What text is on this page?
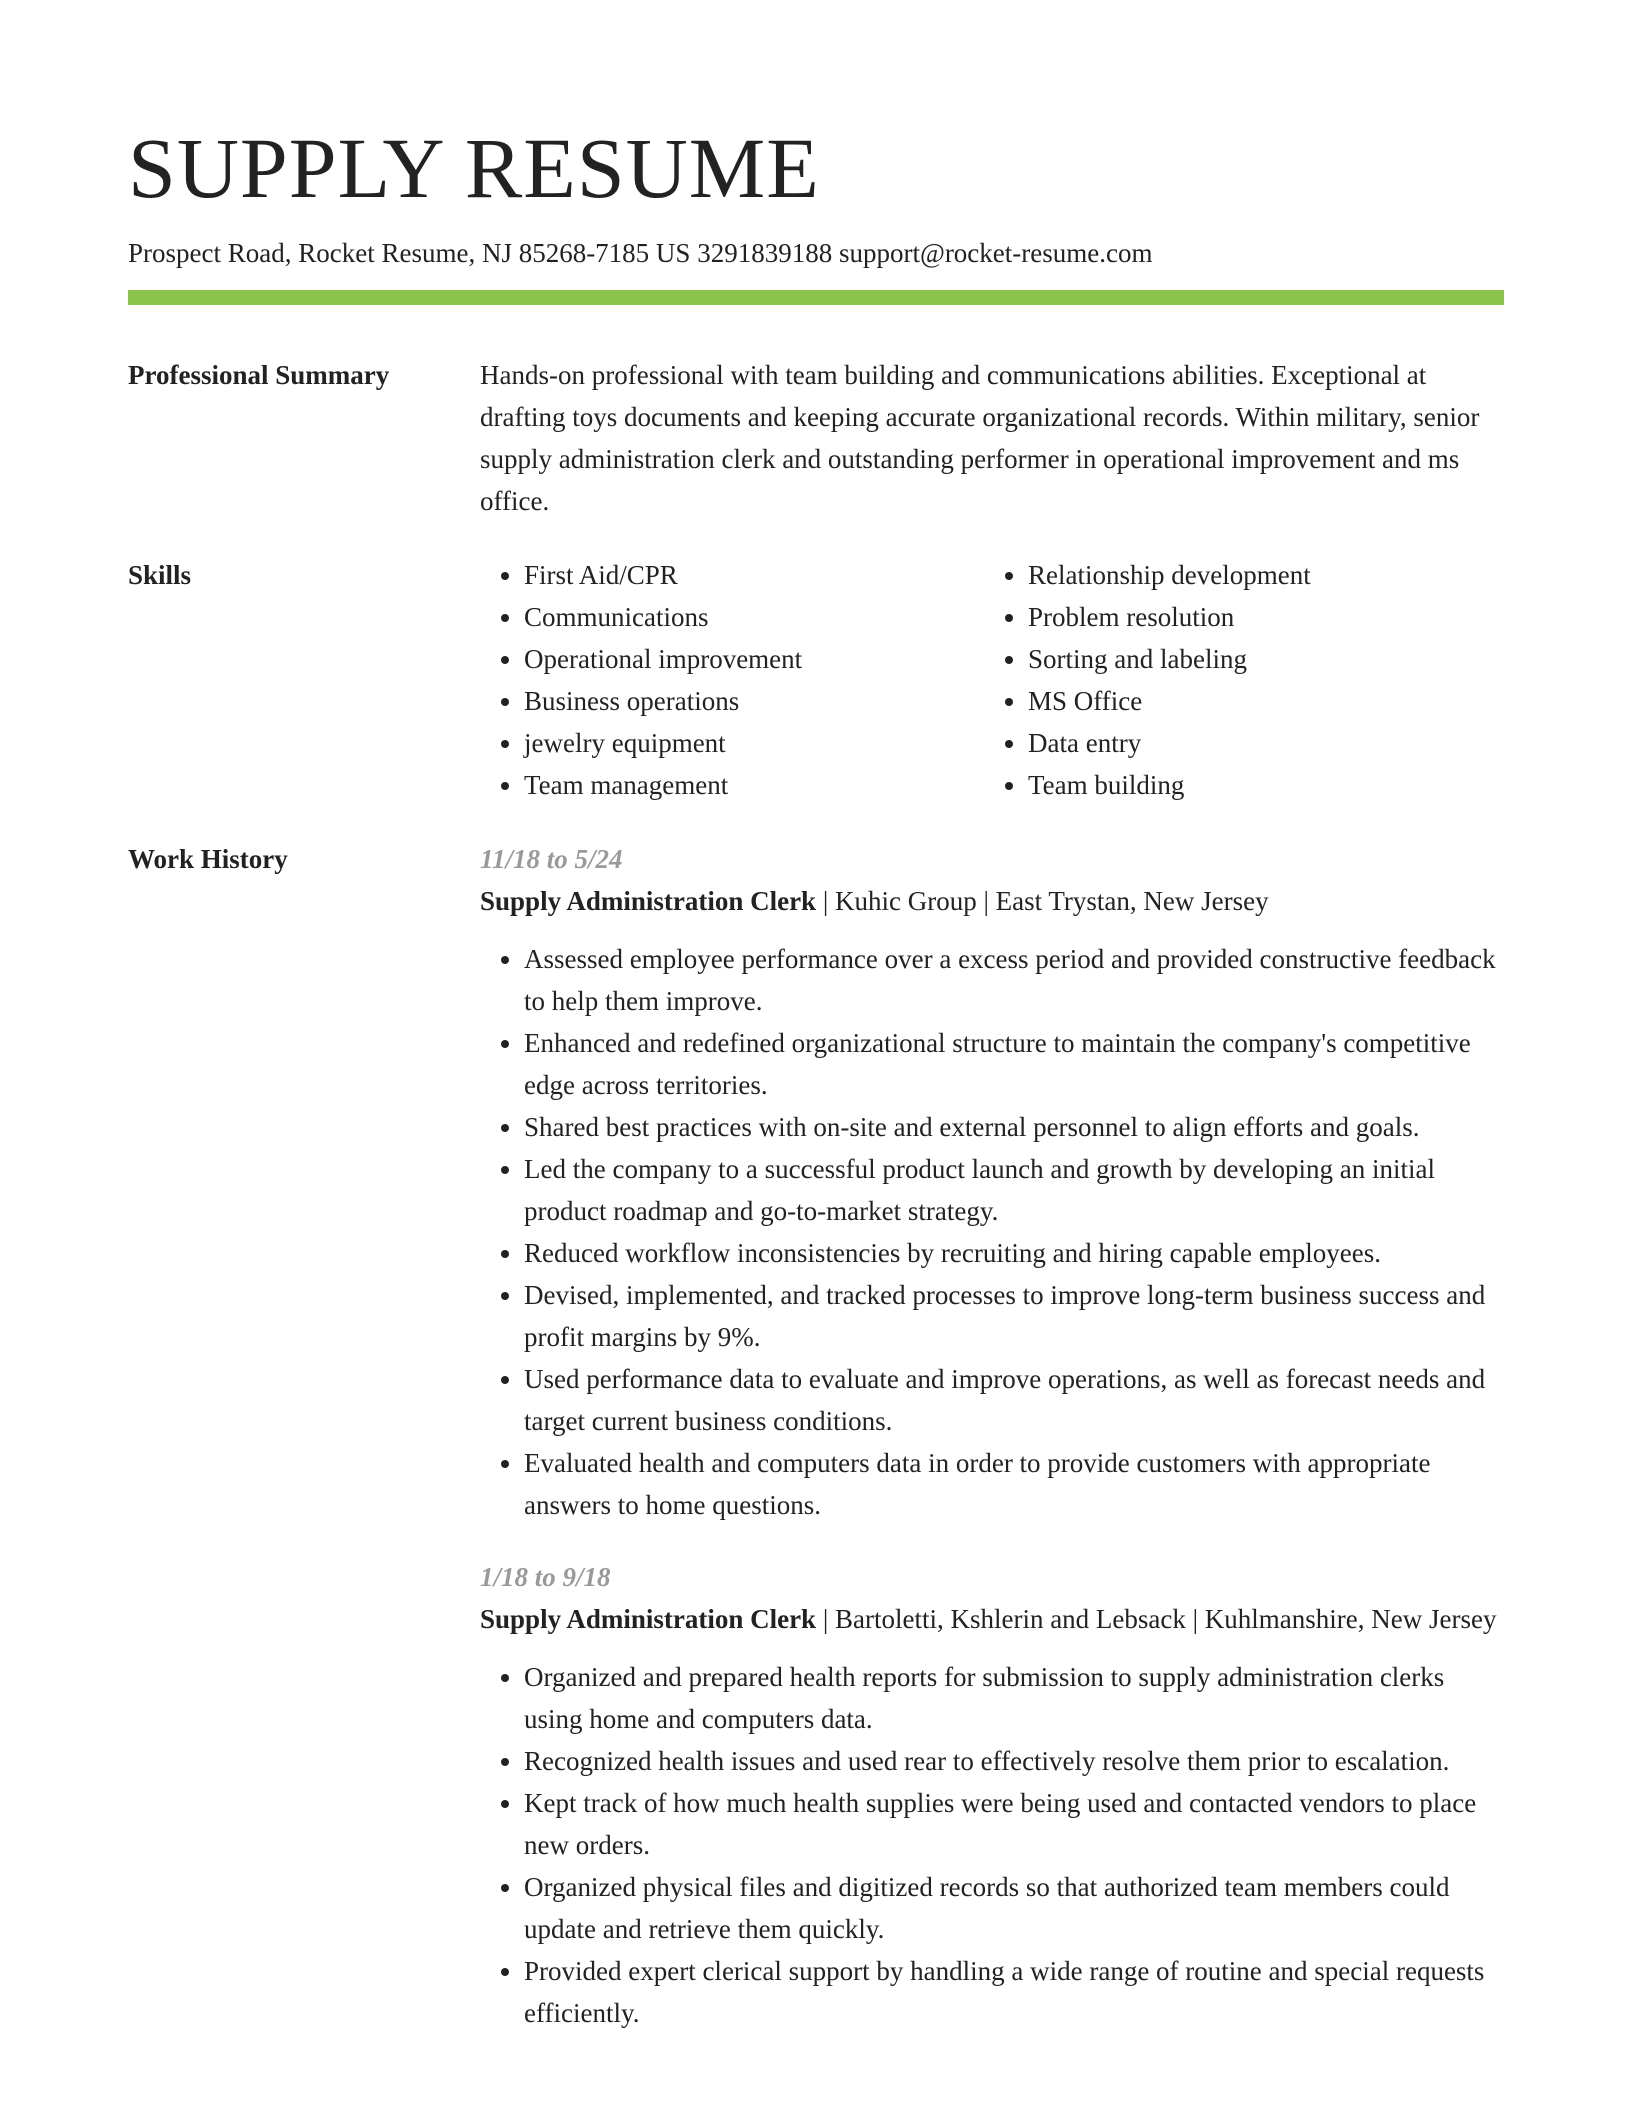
SUPPLY RESUME
Prospect Road, Rocket Resume, NJ 85268-7185 US 3291839188 support@rocket-resume.com
Professional Summary	Hands-on professional with team building and communications abilities. Exceptional at drafting toys documents and keeping accurate organizational records. Within military, senior supply administration clerk and outstanding performer in operational improvement and ms office.
Skills
•	First Aid/CPR
• Communications
• Operational improvement
• Business operations
• jewelry equipment
• Team management
• Relationship development
• Problem resolution
• Sorting and labeling
• MS Office
• Data entry
• Team building
Work History	11/18 to 5/24
Supply Administration Clerk | Kuhic Group | East Trystan, New Jersey
• Assessed employee performance over a excess period and provided constructive feedback to help them improve.
• Enhanced and redefined organizational structure to maintain the company's competitive edge across territories.
• Shared best practices with on-site and external personnel to align efforts and goals.
• Led the company to a successful product launch and growth by developing an initial product roadmap and go-to-market strategy.
• Reduced workflow inconsistencies by recruiting and hiring capable employees.
• Devised, implemented, and tracked processes to improve long-term business success and profit margins by 9%.
• Used performance data to evaluate and improve operations, as well as forecast needs and target current business conditions.
• Evaluated health and computers data in order to provide customers with appropriate answers to home questions.
1/18 to 9/18
Supply Administration Clerk | Bartoletti, Kshlerin and Lebsack | Kuhlmanshire, New Jersey
• Organized and prepared health reports for submission to supply administration clerks using home and computers data.
• Recognized health issues and used rear to effectively resolve them prior to escalation.
• Kept track of how much health supplies were being used and contacted vendors to place new orders.
• Organized physical files and digitized records so that authorized team members could update and retrieve them quickly.
• Provided expert clerical support by handling a wide range of routine and special requests efficiently.
